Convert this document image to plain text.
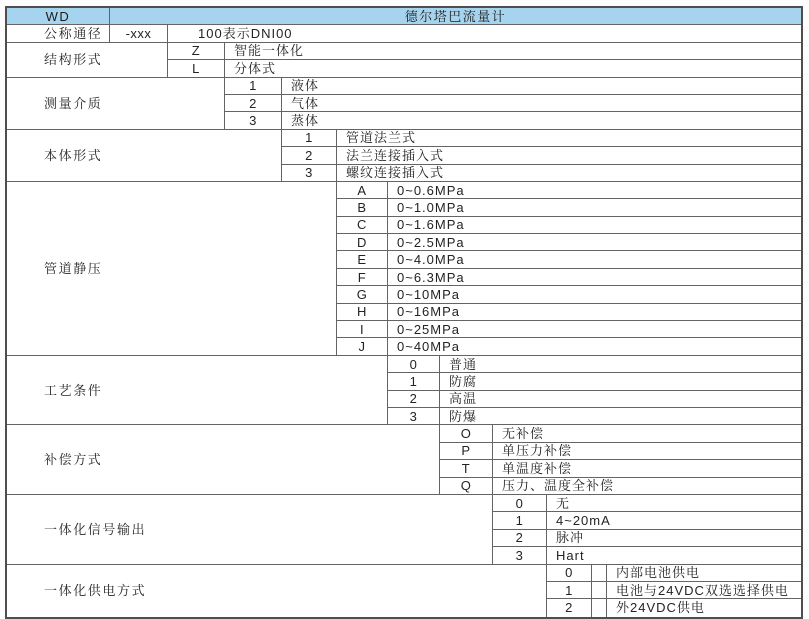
WD	德尔塔巴流量计
公称通径	-xxx	100表示DNI00
结构形式
Z	智能一体化
L	分体式
测量介质
1	液体
2	气体
3	蒸体
本体形式
1	管道法兰式
2	法兰连接插入式
3	螺纹连接插入式
管道静压
A	0~0.6MPa
B	0~1.0MPa
C	0~1.6MPa
D	0~2.5MPa
E	0~4.0MPa
F	0~6.3MPa
G	0~10MPa
H	0~16MPa
I	0~25MPa
J	0~40MPa
工艺条件
0	普通
1	防腐
2	高温
3	防爆
补偿方式
O	无补偿
P	单压力补偿
T	单温度补偿
Q	压力、温度全补偿
一体化信号输出
0	无
1	4~20mA
2	脉冲
3	Hart
一体化供电方式
0	内部电池供电
1	电池与24VDC双选选择供电
2	外24VDC供电
